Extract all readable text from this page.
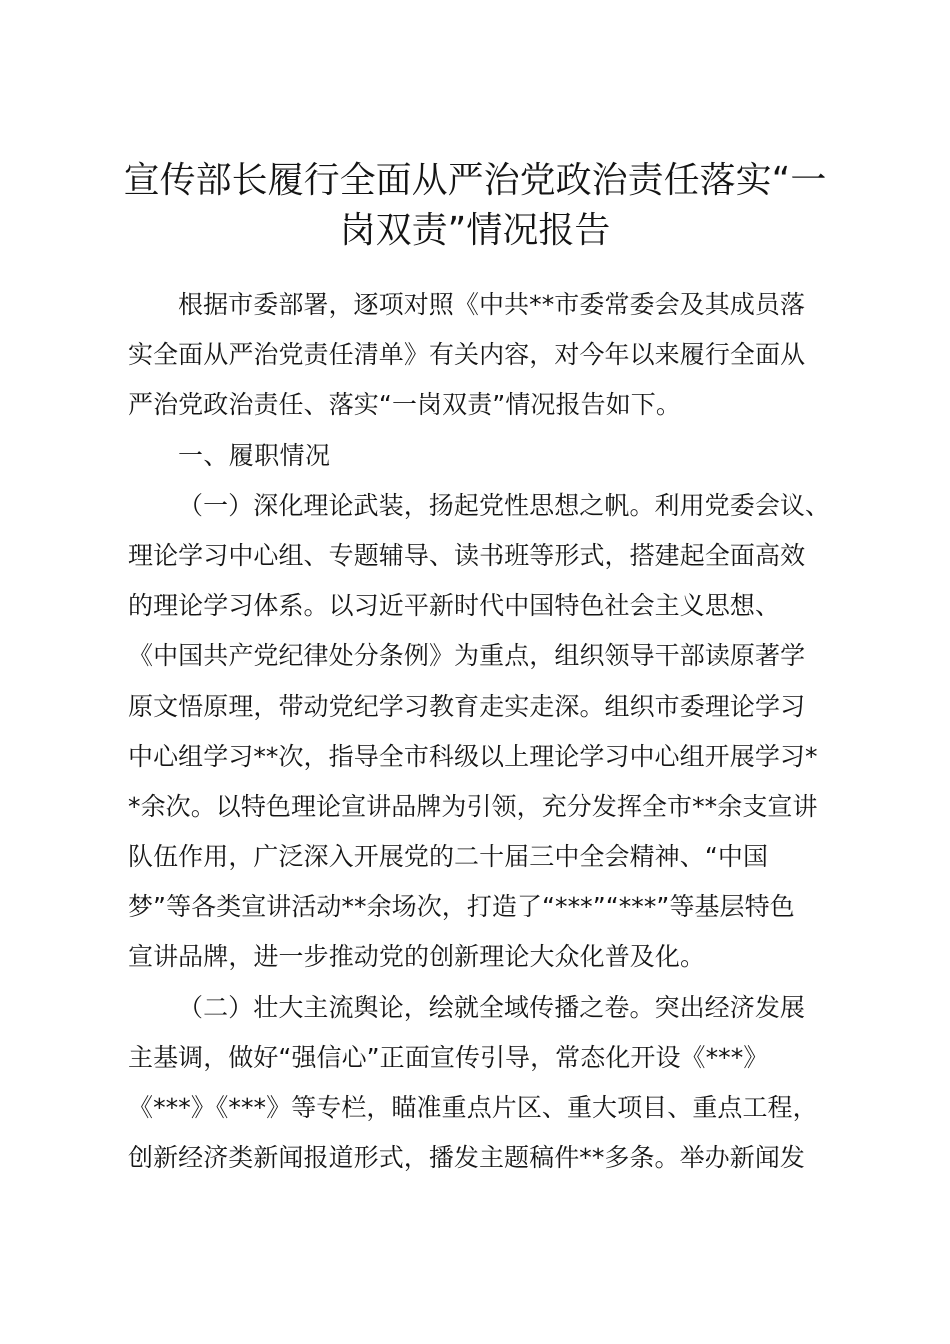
宣传部长履行全面从严治党政治责任落实“一
岗双责”情况报告
根据市委部署，逐项对照《中共**市委常委会及其成员落
实全面从严治党责任清单》有关内容，对今年以来履行全面从
严治党政治责任、落实“一岗双责”情况报告如下。
一、履职情况
（一）深化理论武装，扬起党性思想之帆。利用党委会议、
理论学习中心组、专题辅导、读书班等形式，搭建起全面高效
的理论学习体系。以习近平新时代中国特色社会主义思想、
《中国共产党纪律处分条例》为重点，组织领导干部读原著学
原文悟原理，带动党纪学习教育走实走深。组织市委理论学习
中心组学习**次，指导全市科级以上理论学习中心组开展学习*
*余次。以特色理论宣讲品牌为引领，充分发挥全市**余支宣讲
队伍作用，广泛深入开展党的二十届三中全会精神、“中国
梦”等各类宣讲活动**余场次，打造了“***”“***”等基层特色
宣讲品牌，进一步推动党的创新理论大众化普及化。
（二）壮大主流舆论，绘就全域传播之卷。突出经济发展
主基调，做好“强信心”正面宣传引导，常态化开设《***》
《***》《***》等专栏，瞄准重点片区、重大项目、重点工程，
创新经济类新闻报道形式，播发主题稿件**多条。举办新闻发
